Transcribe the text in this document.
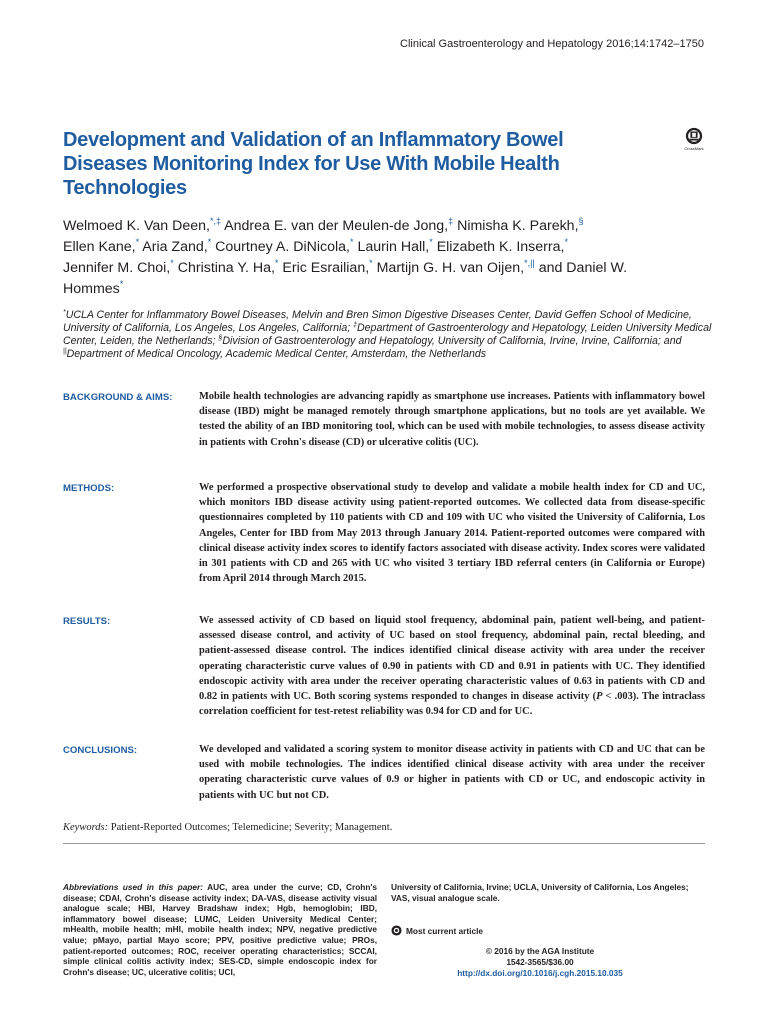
Clinical Gastroenterology and Hepatology 2016;14:1742–1750
Development and Validation of an Inflammatory Bowel Diseases Monitoring Index for Use With Mobile Health Technologies
CrossMark
Welmoed K. Van Deen,*,‡ Andrea E. van der Meulen-de Jong,‡ Nimisha K. Parekh,§
Ellen Kane,* Aria Zand,* Courtney A. DiNicola,* Laurin Hall,* Elizabeth K. Inserra,*
Jennifer M. Choi,* Christina Y. Ha,* Eric Esrailian,* Martijn G. H. van Oijen,*,|| and Daniel W. Hommes*
*UCLA Center for Inflammatory Bowel Diseases, Melvin and Bren Simon Digestive Diseases Center, David Geffen School of Medicine, University of California, Los Angeles, Los Angeles, California; ‡Department of Gastroenterology and Hepatology, Leiden University Medical Center, Leiden, the Netherlands; §Division of Gastroenterology and Hepatology, University of California, Irvine, Irvine, California; and ||Department of Medical Oncology, Academic Medical Center, Amsterdam, the Netherlands
BACKGROUND & AIMS:	Mobile health technologies are advancing rapidly as smartphone use increases. Patients with inflammatory bowel disease (IBD) might be managed remotely through smartphone applications, but no tools are yet available. We tested the ability of an IBD monitoring tool, which can be used with mobile technologies, to assess disease activity in patients with Crohn's disease (CD) or ulcerative colitis (UC).
METHODS:	We performed a prospective observational study to develop and validate a mobile health index for CD and UC, which monitors IBD disease activity using patient-reported outcomes. We collected data from disease-specific questionnaires completed by 110 patients with CD and 109 with UC who visited the University of California, Los Angeles, Center for IBD from May 2013 through January 2014. Patient-reported outcomes were compared with clinical disease activity index scores to identify factors associated with disease activity. Index scores were validated in 301 patients with CD and 265 with UC who visited 3 tertiary IBD referral centers (in California or Europe) from April 2014 through March 2015.
RESULTS:	We assessed activity of CD based on liquid stool frequency, abdominal pain, patient well-being, and patient-assessed disease control, and activity of UC based on stool frequency, abdominal pain, rectal bleeding, and patient-assessed disease control. The indices identified clinical disease activity with area under the receiver operating characteristic curve values of 0.90 in patients with CD and 0.91 in patients with UC. They identified endoscopic activity with area under the receiver operating characteristic values of 0.63 in patients with CD and 0.82 in patients with UC. Both scoring systems responded to changes in disease activity (P < .003). The intraclass correlation coefficient for test-retest reliability was 0.94 for CD and for UC.
CONCLUSIONS:	We developed and validated a scoring system to monitor disease activity in patients with CD and UC that can be used with mobile technologies. The indices identified clinical disease activity with area under the receiver operating characteristic curve values of 0.9 or higher in patients with CD or UC, and endoscopic activity in patients with UC but not CD.
Keywords: Patient-Reported Outcomes; Telemedicine; Severity; Management.
Abbreviations used in this paper: AUC, area under the curve; CD, Crohn's disease; CDAI, Crohn's disease activity index; DA-VAS, disease activity visual analogue scale; HBI, Harvey Bradshaw index; Hgb, hemoglobin; IBD, inflammatory bowel disease; LUMC, Leiden University Medical Center; mHealth, mobile health; mHI, mobile health index; NPV, negative predictive value; pMayo, partial Mayo score; PPV, positive predictive value; PROs, patient-reported outcomes; ROC, receiver operating characteristics; SCCAI, simple clinical colitis activity index; SES-CD, simple endoscopic index for Crohn's disease; UC, ulcerative colitis; UCI,
University of California, Irvine; UCLA, University of California, Los Angeles; VAS, visual analogue scale.
Most current article
© 2016 by the AGA Institute
1542-3565/$36.00
http://dx.doi.org/10.1016/j.cgh.2015.10.035
